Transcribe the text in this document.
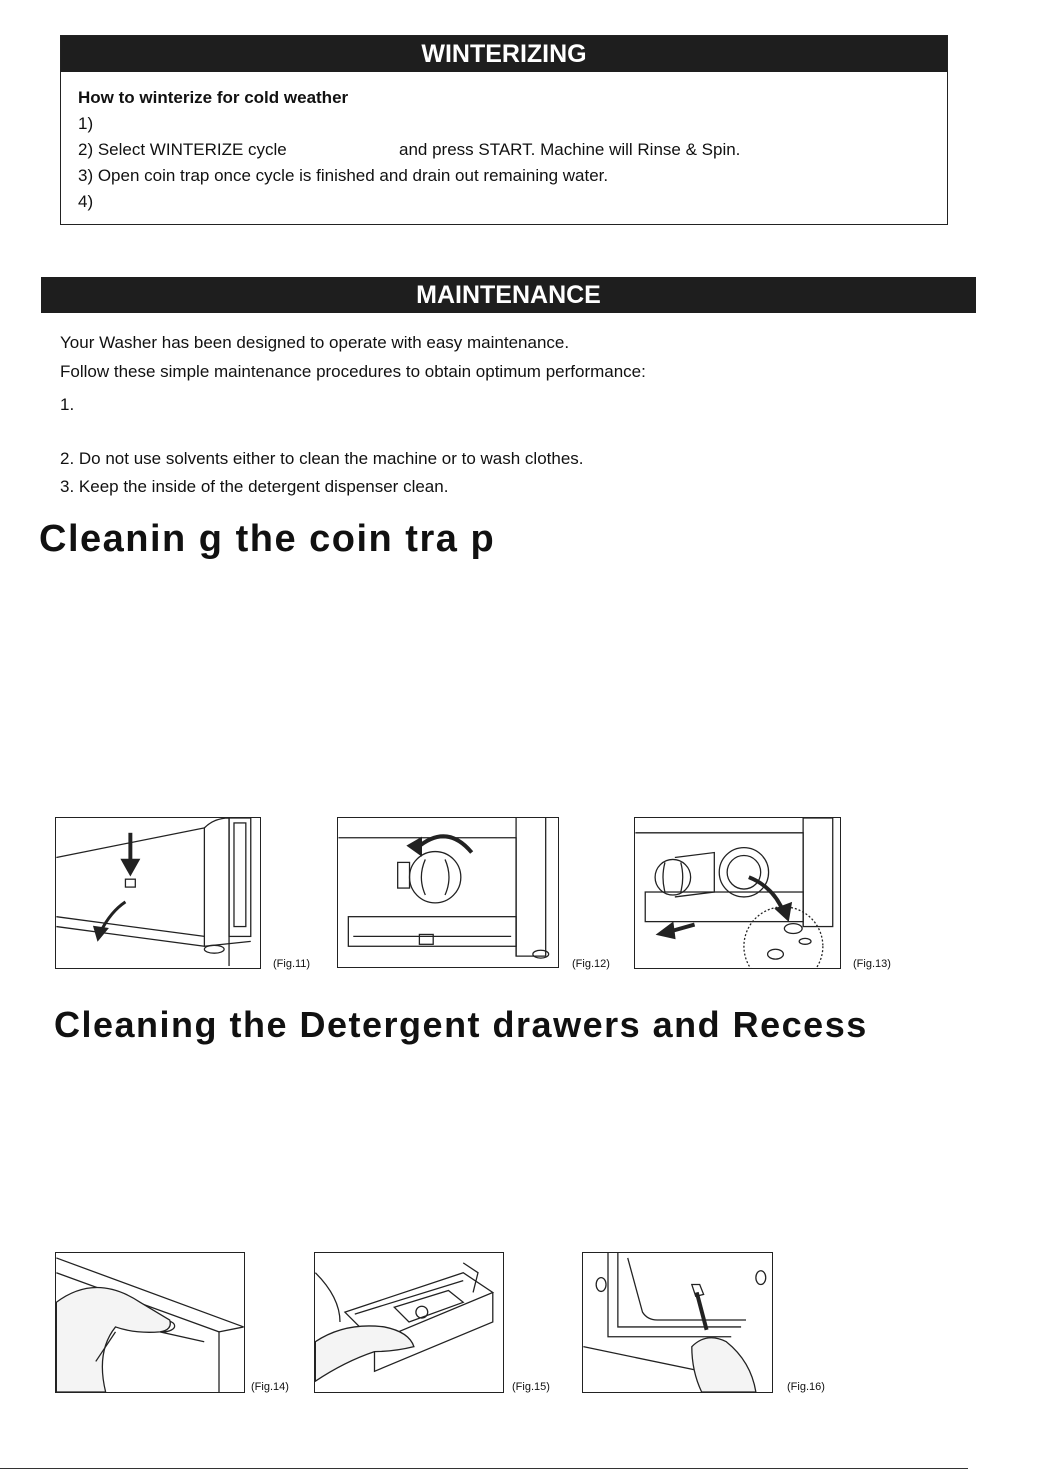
WINTERIZING
How to winterize for cold weather
1)
2) Select WINTERIZE cycle	and press START. Machine will Rinse & Spin.
3) Open coin trap once cycle is finished and drain out remaining water.
4)
MAINTENANCE
Your Washer has been designed to operate with easy maintenance.
Follow these simple maintenance procedures to obtain optimum performance:
1.
2. Do not use solvents either to clean the machine or to wash clothes.
3. Keep the inside of the detergent dispenser clean.
Cleanin g the coin tra p
(Fig.11)	(Fig.12)	(Fig.13)
Cleaning the Detergent drawers and Recess
(Fig.14)	(Fig.15)	(Fig.16)
